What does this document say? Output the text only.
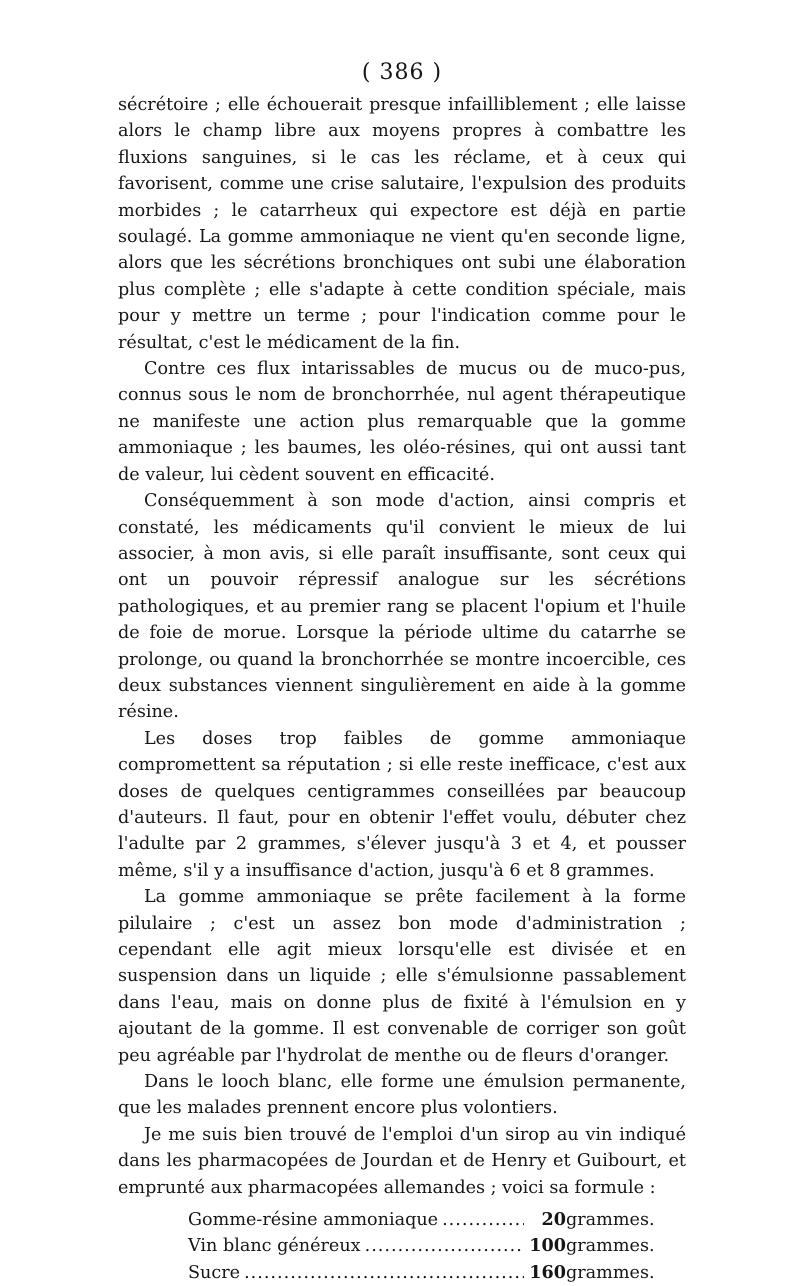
( 386 )

sécrétoire ; elle échouerait presque infailliblement ; elle laisse alors le champ libre aux moyens propres à combattre les fluxions sanguines, si le cas les réclame, et à ceux qui favorisent, comme une crise salutaire, l'expulsion des produits morbides ; le catarrheux qui expectore est déjà en partie soulagé. La gomme ammoniaque ne vient qu'en seconde ligne, alors que les sécrétions bronchiques ont subi une élaboration plus complète ; elle s'adapte à cette condition spéciale, mais pour y mettre un terme ; pour l'indication comme pour le résultat, c'est le médicament de la fin.

Contre ces flux intarissables de mucus ou de muco-pus, connus sous le nom de bronchorrhée, nul agent thérapeutique ne manifeste une action plus remarquable que la gomme ammoniaque ; les baumes, les oléo-résines, qui ont aussi tant de valeur, lui cèdent souvent en efficacité.

Conséquemment à son mode d'action, ainsi compris et constaté, les médicaments qu'il convient le mieux de lui associer, à mon avis, si elle paraît insuffisante, sont ceux qui ont un pouvoir répressif analogue sur les sécrétions pathologiques, et au premier rang se placent l'opium et l'huile de foie de morue. Lorsque la période ultime du catarrhe se prolonge, ou quand la bronchorrhée se montre incoercible, ces deux substances viennent singulièrement en aide à la gomme résine.

Les doses trop faibles de gomme ammoniaque compromettent sa réputation ; si elle reste inefficace, c'est aux doses de quelques centigrammes conseillées par beaucoup d'auteurs. Il faut, pour en obtenir l'effet voulu, débuter chez l'adulte par 2 grammes, s'élever jusqu'à 3 et 4, et pousser même, s'il y a insuffisance d'action, jusqu'à 6 et 8 grammes.

La gomme ammoniaque se prête facilement à la forme pilulaire ; c'est un assez bon mode d'administration ; cependant elle agit mieux lorsqu'elle est divisée et en suspension dans un liquide ; elle s'émulsionne passablement dans l'eau, mais on donne plus de fixité à l'émulsion en y ajoutant de la gomme. Il est convenable de corriger son goût peu agréable par l'hydrolat de menthe ou de fleurs d'oranger.

Dans le looch blanc, elle forme une émulsion permanente, que les malades prennent encore plus volontiers.

Je me suis bien trouvé de l'emploi d'un sirop au vin indiqué dans les pharmacopées de Jourdan et de Henry et Guibourt, et emprunté aux pharmacopées allemandes ; voici sa formule :

Gomme-résine ammoniaque .....	20 grammes.
Vin blanc généreux .....	100 grammes.
Sucre .....	160 grammes.
